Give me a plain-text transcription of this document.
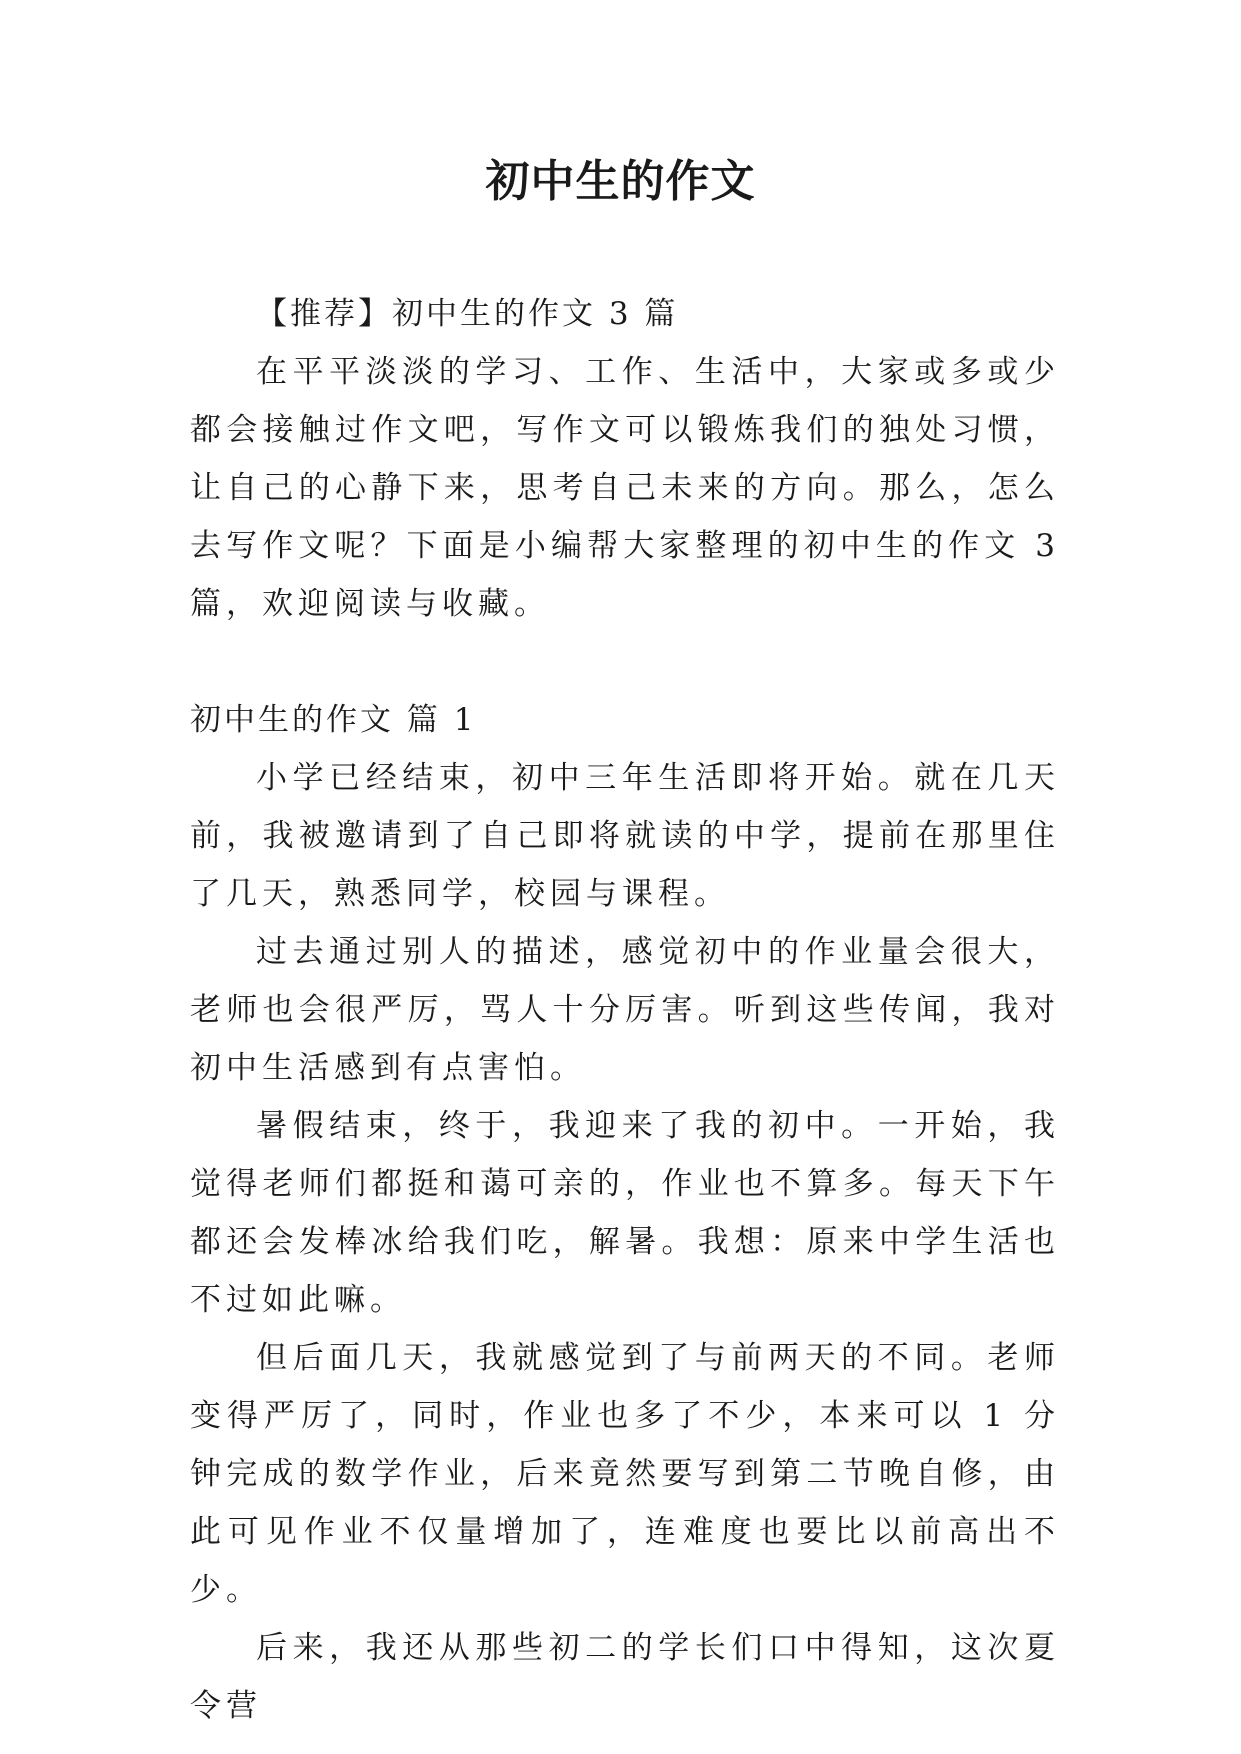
初中生的作文

【推荐】初中生的作文 3 篇

在平平淡淡的学习、工作、生活中，大家或多或少都会接触过作文吧，写作文可以锻炼我们的独处习惯，让自己的心静下来，思考自己未来的方向。那么，怎么去写作文呢？下面是小编帮大家整理的初中生的作文 3 篇，欢迎阅读与收藏。

初中生的作文 篇 1

小学已经结束，初中三年生活即将开始。就在几天前，我被邀请到了自己即将就读的中学，提前在那里住了几天，熟悉同学，校园与课程。

过去通过别人的描述，感觉初中的作业量会很大，老师也会很严厉，骂人十分厉害。听到这些传闻，我对初中生活感到有点害怕。

暑假结束，终于，我迎来了我的初中。一开始，我觉得老师们都挺和蔼可亲的，作业也不算多。每天下午都还会发棒冰给我们吃，解暑。我想：原来中学生活也不过如此嘛。

但后面几天，我就感觉到了与前两天的不同。老师变得严厉了，同时，作业也多了不少，本来可以 1 分钟完成的数学作业，后来竟然要写到第二节晚自修，由此可见作业不仅量增加了，连难度也要比以前高出不少。

后来，我还从那些初二的学长们口中得知，这次夏令营
